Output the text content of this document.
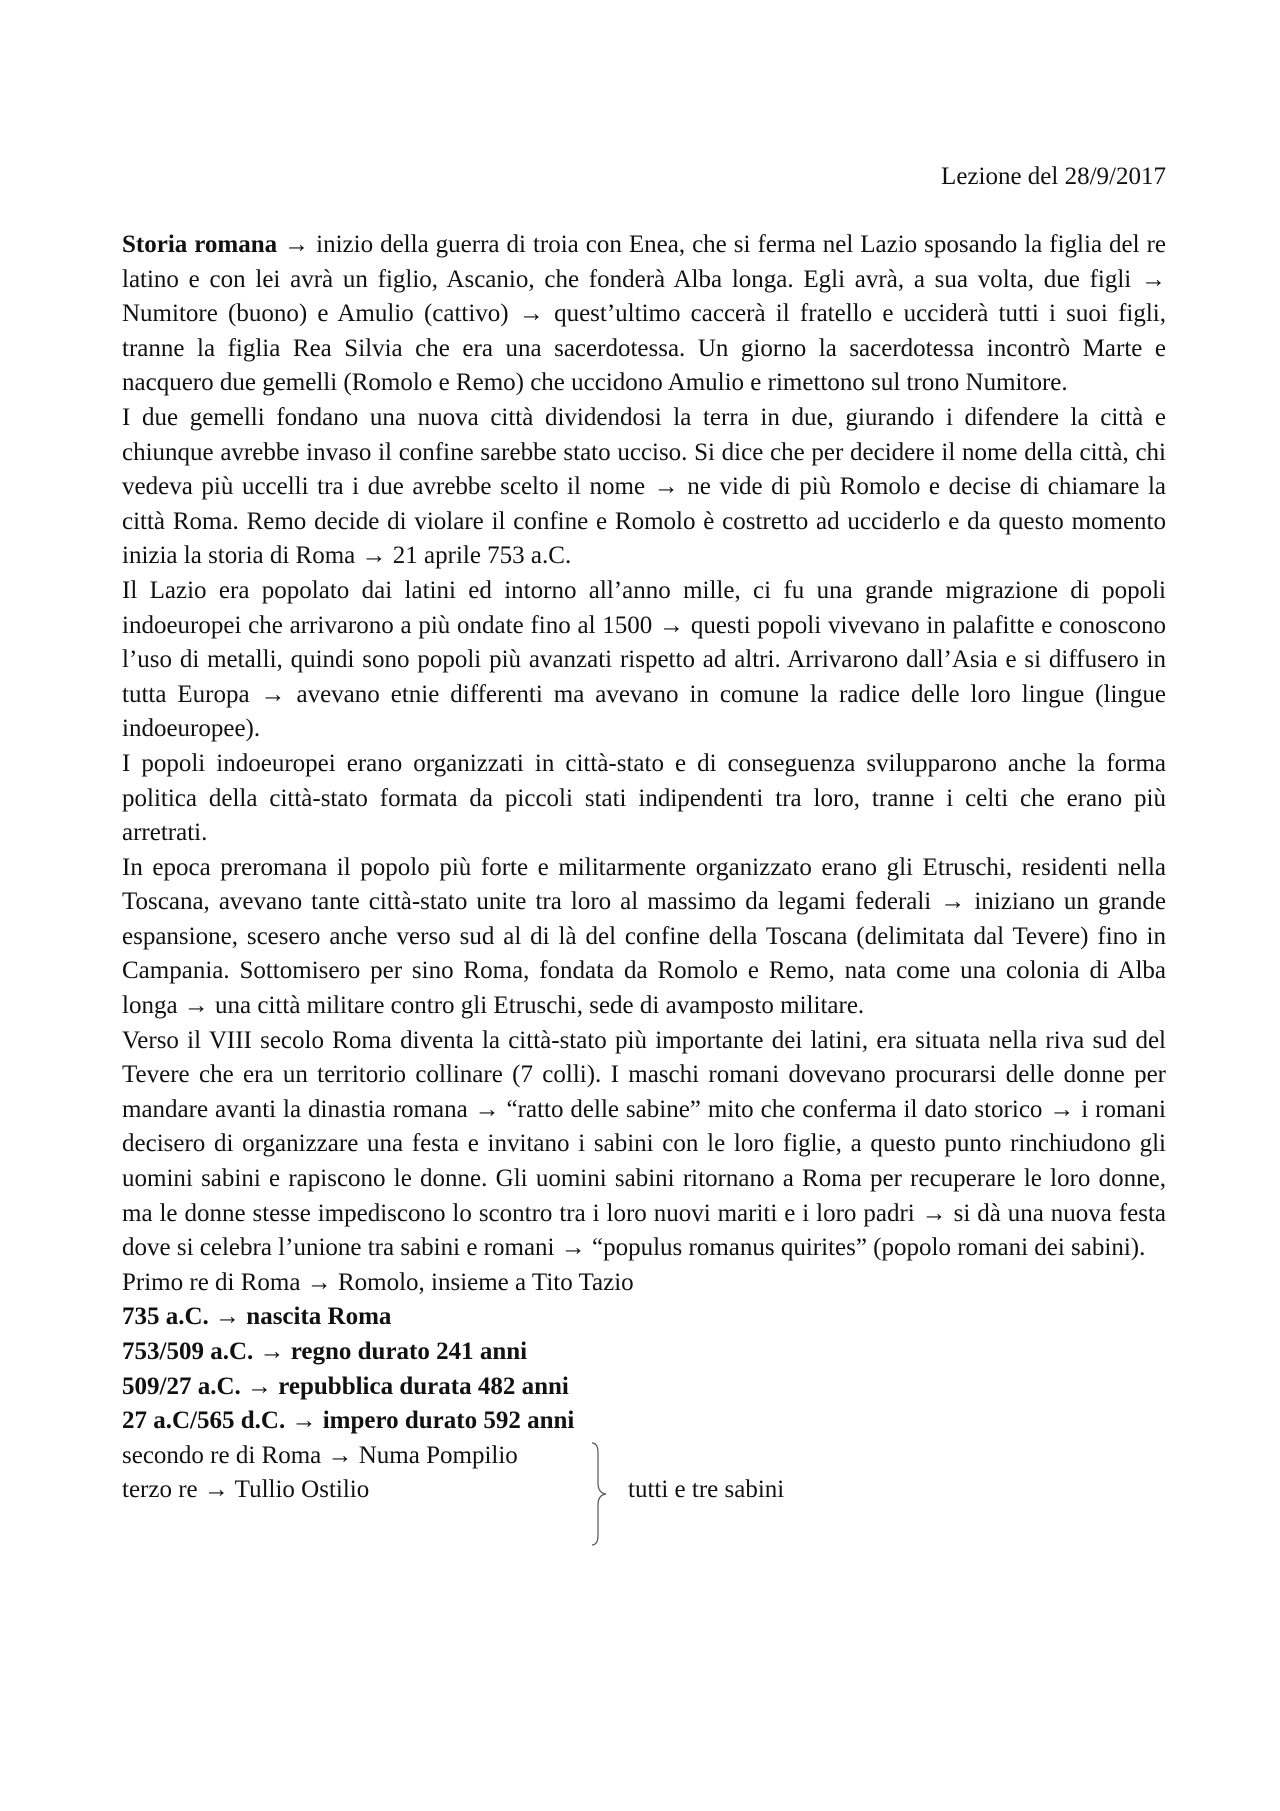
Lezione del 28/9/2017

Storia romana → inizio della guerra di troia con Enea, che si ferma nel Lazio sposando la figlia del re latino e con lei avrà un figlio, Ascanio, che fonderà Alba longa. Egli avrà, a sua volta, due figli → Numitore (buono) e Amulio (cattivo) → quest’ultimo caccerà il fratello e ucciderà tutti i suoi figli, tranne la figlia Rea Silvia che era una sacerdotessa. Un giorno la sacerdotessa incontrò Marte e nacquero due gemelli (Romolo e Remo) che uccidono Amulio e rimettono sul trono Numitore.

I due gemelli fondano una nuova città dividendosi la terra in due, giurando i difendere la città e chiunque avrebbe invaso il confine sarebbe stato ucciso. Si dice che per decidere il nome della città, chi vedeva più uccelli tra i due avrebbe scelto il nome → ne vide di più Romolo e decise di chiamare la città Roma. Remo decide di violare il confine e Romolo è costretto ad ucciderlo e da questo momento inizia la storia di Roma → 21 aprile 753 a.C.

Il Lazio era popolato dai latini ed intorno all’anno mille, ci fu una grande migrazione di popoli indoeuropei che arrivarono a più ondate fino al 1500 → questi popoli vivevano in palafitte e conoscono l’uso di metalli, quindi sono popoli più avanzati rispetto ad altri. Arrivarono dall’Asia e si diffusero in tutta Europa → avevano etnie differenti ma avevano in comune la radice delle loro lingue (lingue indoeuropee).

I popoli indoeuropei erano organizzati in città-stato e di conseguenza svilupparono anche la forma politica della città-stato formata da piccoli stati indipendenti tra loro, tranne i celti che erano più arretrati.

In epoca preromana il popolo più forte e militarmente organizzato erano gli Etruschi, residenti nella Toscana, avevano tante città-stato unite tra loro al massimo da legami federali → iniziano un grande espansione, scesero anche verso sud al di là del confine della Toscana (delimitata dal Tevere) fino in Campania. Sottomisero per sino Roma, fondata da Romolo e Remo, nata come una colonia di Alba longa → una città militare contro gli Etruschi, sede di avamposto militare.

Verso il VIII secolo Roma diventa la città-stato più importante dei latini, era situata nella riva sud del Tevere che era un territorio collinare (7 colli). I maschi romani dovevano procurarsi delle donne per mandare avanti la dinastia romana → “ratto delle sabine” mito che conferma il dato storico → i romani decisero di organizzare una festa e invitano i sabini con le loro figlie, a questo punto rinchiudono gli uomini sabini e rapiscono le donne. Gli uomini sabini ritornano a Roma per recuperare le loro donne, ma le donne stesse impediscono lo scontro tra i loro nuovi mariti e i loro padri → si dà una nuova festa dove si celebra l’unione tra sabini e romani → “populus romanus quirites” (popolo romani dei sabini).

Primo re di Roma → Romolo, insieme a Tito Tazio

735 a.C. → nascita Roma

753/509 a.C. → regno durato 241 anni

509/27 a.C. → repubblica durata 482 anni

27 a.C/565 d.C. → impero durato 592 anni

secondo re di Roma → Numa Pompilio

terzo re → Tullio Ostilio	tutti e tre sabini
